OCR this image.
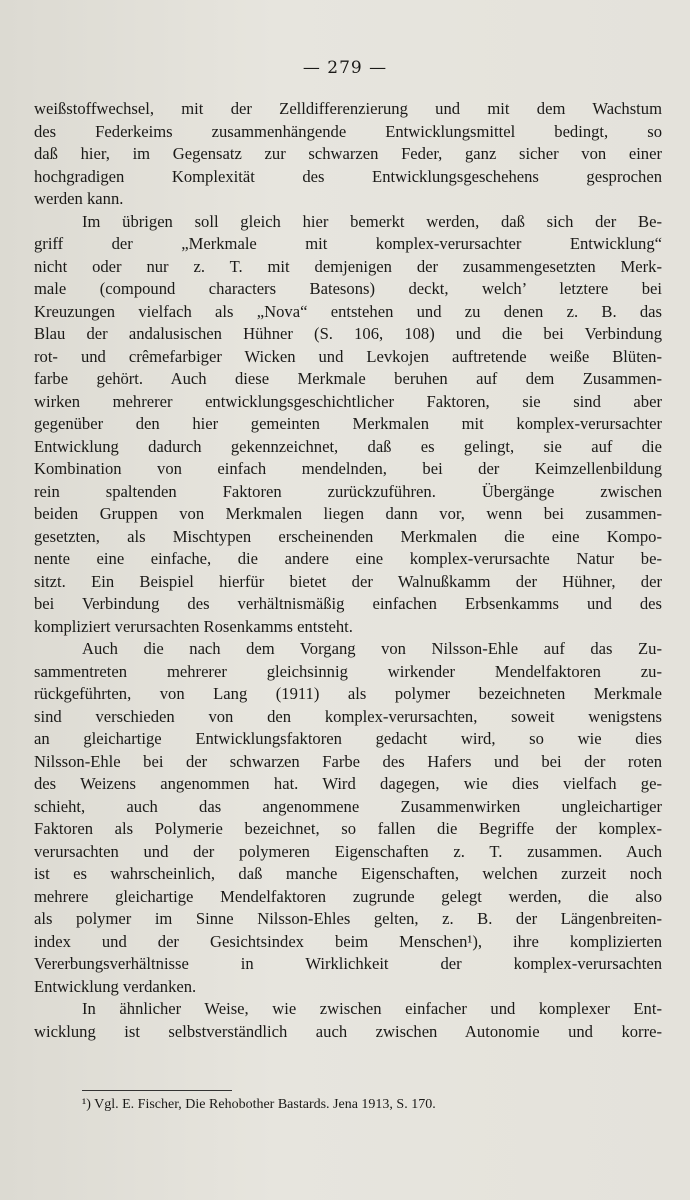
— 279 —
weißstoffwechsel, mit der Zelldifferenzierung und mit dem Wachstum
des Federkeims zusammenhängende Entwicklungsmittel bedingt, so
daß hier, im Gegensatz zur schwarzen Feder, ganz sicher von einer
hochgradigen Komplexität des Entwicklungsgeschehens gesprochen
werden kann.
Im übrigen soll gleich hier bemerkt werden, daß sich der Be-
griff der „Merkmale mit komplex-verursachter Entwicklung“
nicht oder nur z. T. mit demjenigen der zusammengesetzten Merk-
male (compound characters Batesons) deckt, welch’ letztere bei
Kreuzungen vielfach als „Nova“ entstehen und zu denen z. B. das
Blau der andalusischen Hühner (S. 106, 108) und die bei Verbindung
rot- und crêmefarbiger Wicken und Levkojen auftretende weiße Blüten-
farbe gehört. Auch diese Merkmale beruhen auf dem Zusammen-
wirken mehrerer entwicklungsgeschichtlicher Faktoren, sie sind aber
gegenüber den hier gemeinten Merkmalen mit komplex-verursachter
Entwicklung dadurch gekennzeichnet, daß es gelingt, sie auf die
Kombination von einfach mendelnden, bei der Keimzellenbildung
rein spaltenden Faktoren zurückzuführen. Übergänge zwischen
beiden Gruppen von Merkmalen liegen dann vor, wenn bei zusammen-
gesetzten, als Mischtypen erscheinenden Merkmalen die eine Kompo-
nente eine einfache, die andere eine komplex-verursachte Natur be-
sitzt. Ein Beispiel hierfür bietet der Walnußkamm der Hühner, der
bei Verbindung des verhältnismäßig einfachen Erbsenkamms und des
kompliziert verursachten Rosenkamms entsteht.
Auch die nach dem Vorgang von Nilsson-Ehle auf das Zu-
sammentreten mehrerer gleichsinnig wirkender Mendelfaktoren zu-
rückgeführten, von Lang (1911) als polymer bezeichneten Merkmale
sind verschieden von den komplex-verursachten, soweit wenigstens
an gleichartige Entwicklungsfaktoren gedacht wird, so wie dies
Nilsson-Ehle bei der schwarzen Farbe des Hafers und bei der roten
des Weizens angenommen hat. Wird dagegen, wie dies vielfach ge-
schieht, auch das angenommene Zusammenwirken ungleichartiger
Faktoren als Polymerie bezeichnet, so fallen die Begriffe der komplex-
verursachten und der polymeren Eigenschaften z. T. zusammen. Auch
ist es wahrscheinlich, daß manche Eigenschaften, welchen zurzeit noch
mehrere gleichartige Mendelfaktoren zugrunde gelegt werden, die also
als polymer im Sinne Nilsson-Ehles gelten, z. B. der Längenbreiten-
index und der Gesichtsindex beim Menschen¹), ihre komplizierten
Vererbungsverhältnisse in Wirklichkeit der komplex-verursachten
Entwicklung verdanken.
In ähnlicher Weise, wie zwischen einfacher und komplexer Ent-
wicklung ist selbstverständlich auch zwischen Autonomie und korre-
¹) Vgl. E. Fischer, Die Rehobother Bastards. Jena 1913, S. 170.
